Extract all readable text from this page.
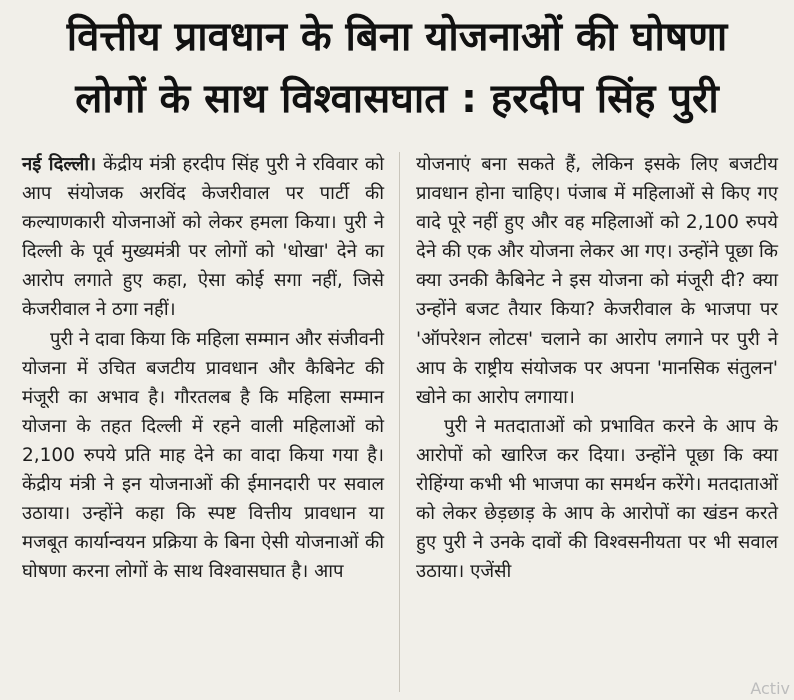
वित्तीय प्रावधान के बिना योजनाओं की घोषणा
लोगों के साथ विश्वासघात : हरदीप सिंह पुरी

नई दिल्ली। केंद्रीय मंत्री हरदीप सिंह पुरी ने रविवार को आप संयोजक अरविंद केजरीवाल पर पार्टी की कल्याणकारी योजनाओं को लेकर हमला किया। पुरी ने दिल्ली के पूर्व मुख्यमंत्री पर लोगों को 'धोखा' देने का आरोप लगाते हुए कहा, ऐसा कोई सगा नहीं, जिसे केजरीवाल ने ठगा नहीं।

पुरी ने दावा किया कि महिला सम्मान और संजीवनी योजना में उचित बजटीय प्रावधान और कैबिनेट की मंजूरी का अभाव है। गौरतलब है कि महिला सम्मान योजना के तहत दिल्ली में रहने वाली महिलाओं को 2,100 रुपये प्रति माह देने का वादा किया गया है। केंद्रीय मंत्री ने इन योजनाओं की ईमानदारी पर सवाल उठाया। उन्होंने कहा कि स्पष्ट वित्तीय प्रावधान या मजबूत कार्यान्वयन प्रक्रिया के बिना ऐसी योजनाओं की घोषणा करना लोगों के साथ विश्वासघात है। आप

योजनाएं बना सकते हैं, लेकिन इसके लिए बजटीय प्रावधान होना चाहिए। पंजाब में महिलाओं से किए गए वादे पूरे नहीं हुए और वह महिलाओं को 2,100 रुपये देने की एक और योजना लेकर आ गए। उन्होंने पूछा कि क्या उनकी कैबिनेट ने इस योजना को मंजूरी दी? क्या उन्होंने बजट तैयार किया? केजरीवाल के भाजपा पर 'ऑपरेशन लोटस' चलाने का आरोप लगाने पर पुरी ने आप के राष्ट्रीय संयोजक पर अपना 'मानसिक संतुलन' खोने का आरोप लगाया।

पुरी ने मतदाताओं को प्रभावित करने के आप के आरोपों को खारिज कर दिया। उन्होंने पूछा कि क्या रोहिंग्या कभी भी भाजपा का समर्थन करेंगे। मतदाताओं को लेकर छेड़छाड़ के आप के आरोपों का खंडन करते हुए पुरी ने उनके दावों की विश्वसनीयता पर भी सवाल उठाया। एजेंसी

Activ
